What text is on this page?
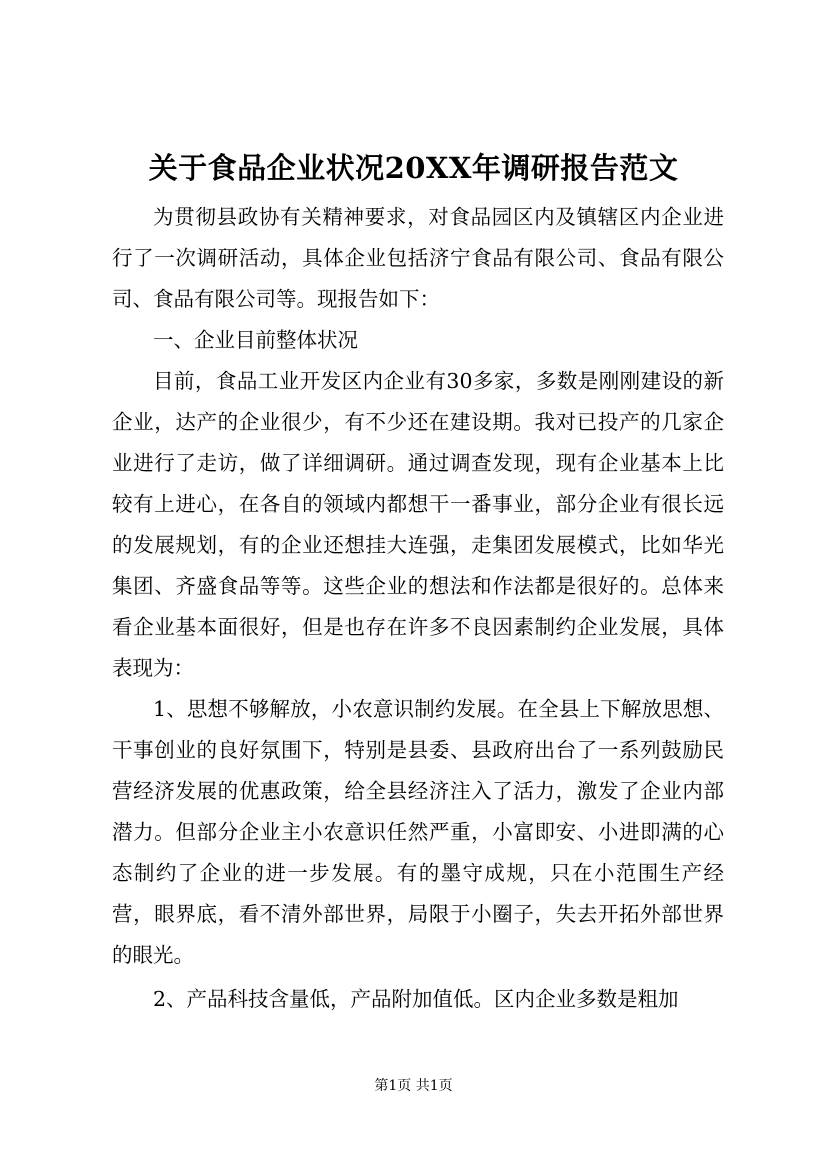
关于食品企业状况20XX年调研报告范文

为贯彻县政协有关精神要求，对食品园区内及镇辖区内企业进行了一次调研活动，具体企业包括济宁食品有限公司、食品有限公司、食品有限公司等。现报告如下：

一、企业目前整体状况

目前，食品工业开发区内企业有30多家，多数是刚刚建设的新企业，达产的企业很少，有不少还在建设期。我对已投产的几家企业进行了走访，做了详细调研。通过调查发现，现有企业基本上比较有上进心，在各自的领域内都想干一番事业，部分企业有很长远的发展规划，有的企业还想挂大连强，走集团发展模式，比如华光集团、齐盛食品等等。这些企业的想法和作法都是很好的。总体来看企业基本面很好，但是也存在许多不良因素制约企业发展，具体表现为：

1、思想不够解放，小农意识制约发展。在全县上下解放思想、干事创业的良好氛围下，特别是县委、县政府出台了一系列鼓励民营经济发展的优惠政策，给全县经济注入了活力，激发了企业内部潜力。但部分企业主小农意识任然严重，小富即安、小进即满的心态制约了企业的进一步发展。有的墨守成规，只在小范围生产经营，眼界底，看不清外部世界，局限于小圈子，失去开拓外部世界的眼光。

2、产品科技含量低，产品附加值低。区内企业多数是粗加

第1页 共1页
